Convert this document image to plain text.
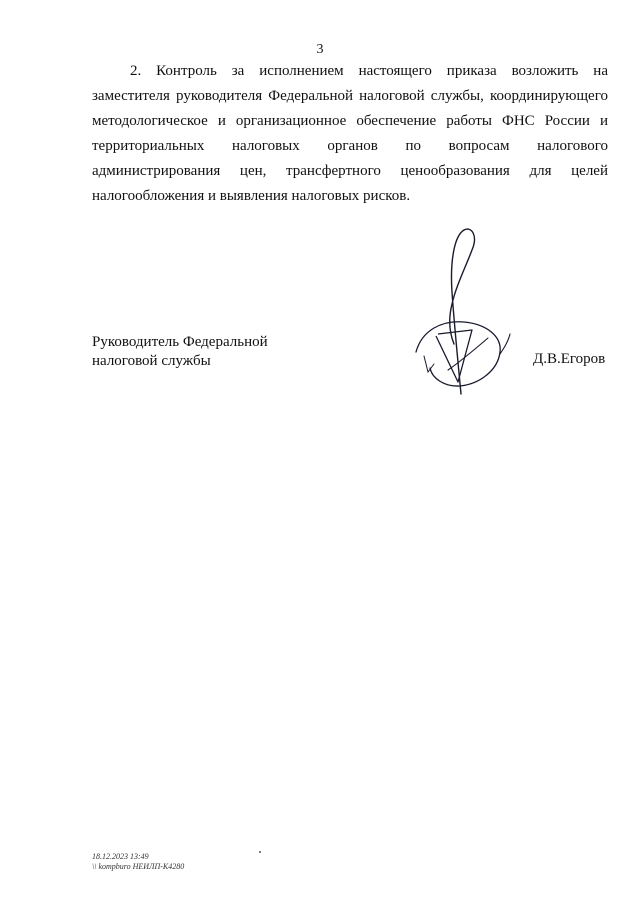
3
2. Контроль за исполнением настоящего приказа возложить на
заместителя руководителя Федеральной налоговой службы, координирующего
методологическое и организационное обеспечение работы ФНС России и
территориальных налоговых органов по вопросам налогового
администрирования цен, трансфертного ценообразования для целей
налогообложения и выявления налоговых рисков.
Руководитель Федеральной
налоговой службы	Д.В.Егоров
18.12.2023 13:49
\\ kompburo НЕИЛП-К4280
